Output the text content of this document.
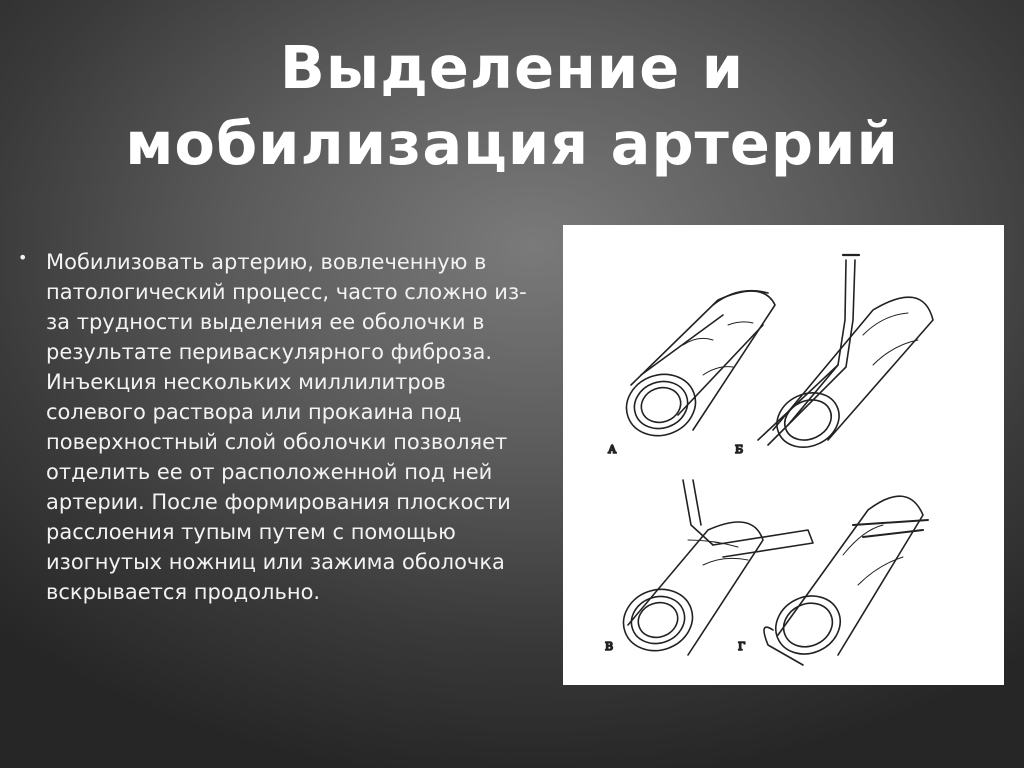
Выделение и
мобилизация артерий
• Мобилизовать артерию, вовлеченную в патологический процесс, часто сложно из-за трудности выделения ее оболочки в результате периваскулярного фиброза. Инъекция нескольких миллилитров солевого раствора или прокаина под поверхностный слой оболочки позволяет отделить ее от расположенной под ней артерии. После формирования плоскости расслоения тупым путем с помощью изогнутых ножниц или зажима оболочка вскрывается продольно.
А	Б
В	Г
